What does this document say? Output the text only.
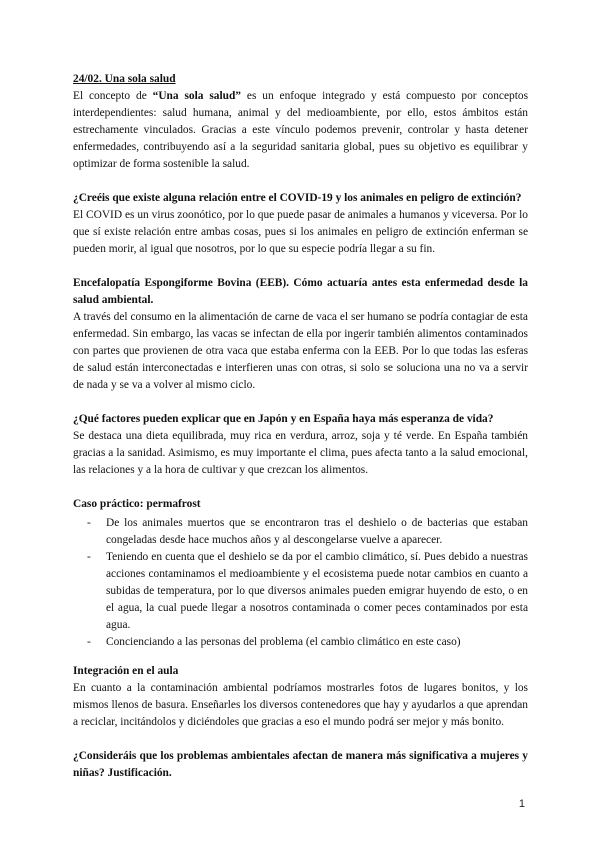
24/02. Una sola salud

El concepto de “Una sola salud” es un enfoque integrado y está compuesto por conceptos interdependientes: salud humana, animal y del medioambiente, por ello, estos ámbitos están estrechamente vinculados. Gracias a este vínculo podemos prevenir, controlar y hasta detener enfermedades, contribuyendo así a la seguridad sanitaria global, pues su objetivo es equilibrar y optimizar de forma sostenible la salud.

¿Creéis que existe alguna relación entre el COVID-19 y los animales en peligro de extinción?

El COVID es un virus zoonótico, por lo que puede pasar de animales a humanos y viceversa. Por lo que sí existe relación entre ambas cosas, pues si los animales en peligro de extinción enferman se pueden morir, al igual que nosotros, por lo que su especie podría llegar a su fin.

Encefalopatía Espongiforme Bovina (EEB). Cómo actuaría antes esta enfermedad desde la salud ambiental.

A través del consumo en la alimentación de carne de vaca el ser humano se podría contagiar de esta enfermedad. Sin embargo, las vacas se infectan de ella por ingerir también alimentos contaminados con partes que provienen de otra vaca que estaba enferma con la EEB. Por lo que todas las esferas de salud están interconectadas e interfieren unas con otras, si solo se soluciona una no va a servir de nada y se va a volver al mismo ciclo.

¿Qué factores pueden explicar que en Japón y en España haya más esperanza de vida?

Se destaca una dieta equilibrada, muy rica en verdura, arroz, soja y té verde. En España también gracias a la sanidad. Asimismo, es muy importante el clima, pues afecta tanto a la salud emocional, las relaciones y a la hora de cultivar y que crezcan los alimentos.

Caso práctico: permafrost

- De los animales muertos que se encontraron tras el deshielo o de bacterias que estaban congeladas desde hace muchos años y al descongelarse vuelve a aparecer.
- Teniendo en cuenta que el deshielo se da por el cambio climático, sí. Pues debido a nuestras acciones contaminamos el medioambiente y el ecosistema puede notar cambios en cuanto a subidas de temperatura, por lo que diversos animales pueden emigrar huyendo de esto, o en el agua, la cual puede llegar a nosotros contaminada o comer peces contaminados por esta agua.
- Concienciando a las personas del problema (el cambio climático en este caso)

Integración en el aula

En cuanto a la contaminación ambiental podríamos mostrarles fotos de lugares bonitos, y los mismos llenos de basura. Enseñarles los diversos contenedores que hay y ayudarlos a que aprendan a reciclar, incitándolos y diciéndoles que gracias a eso el mundo podrá ser mejor y más bonito.

¿Consideráis que los problemas ambientales afectan de manera más significativa a mujeres y niñas? Justificación.

1
